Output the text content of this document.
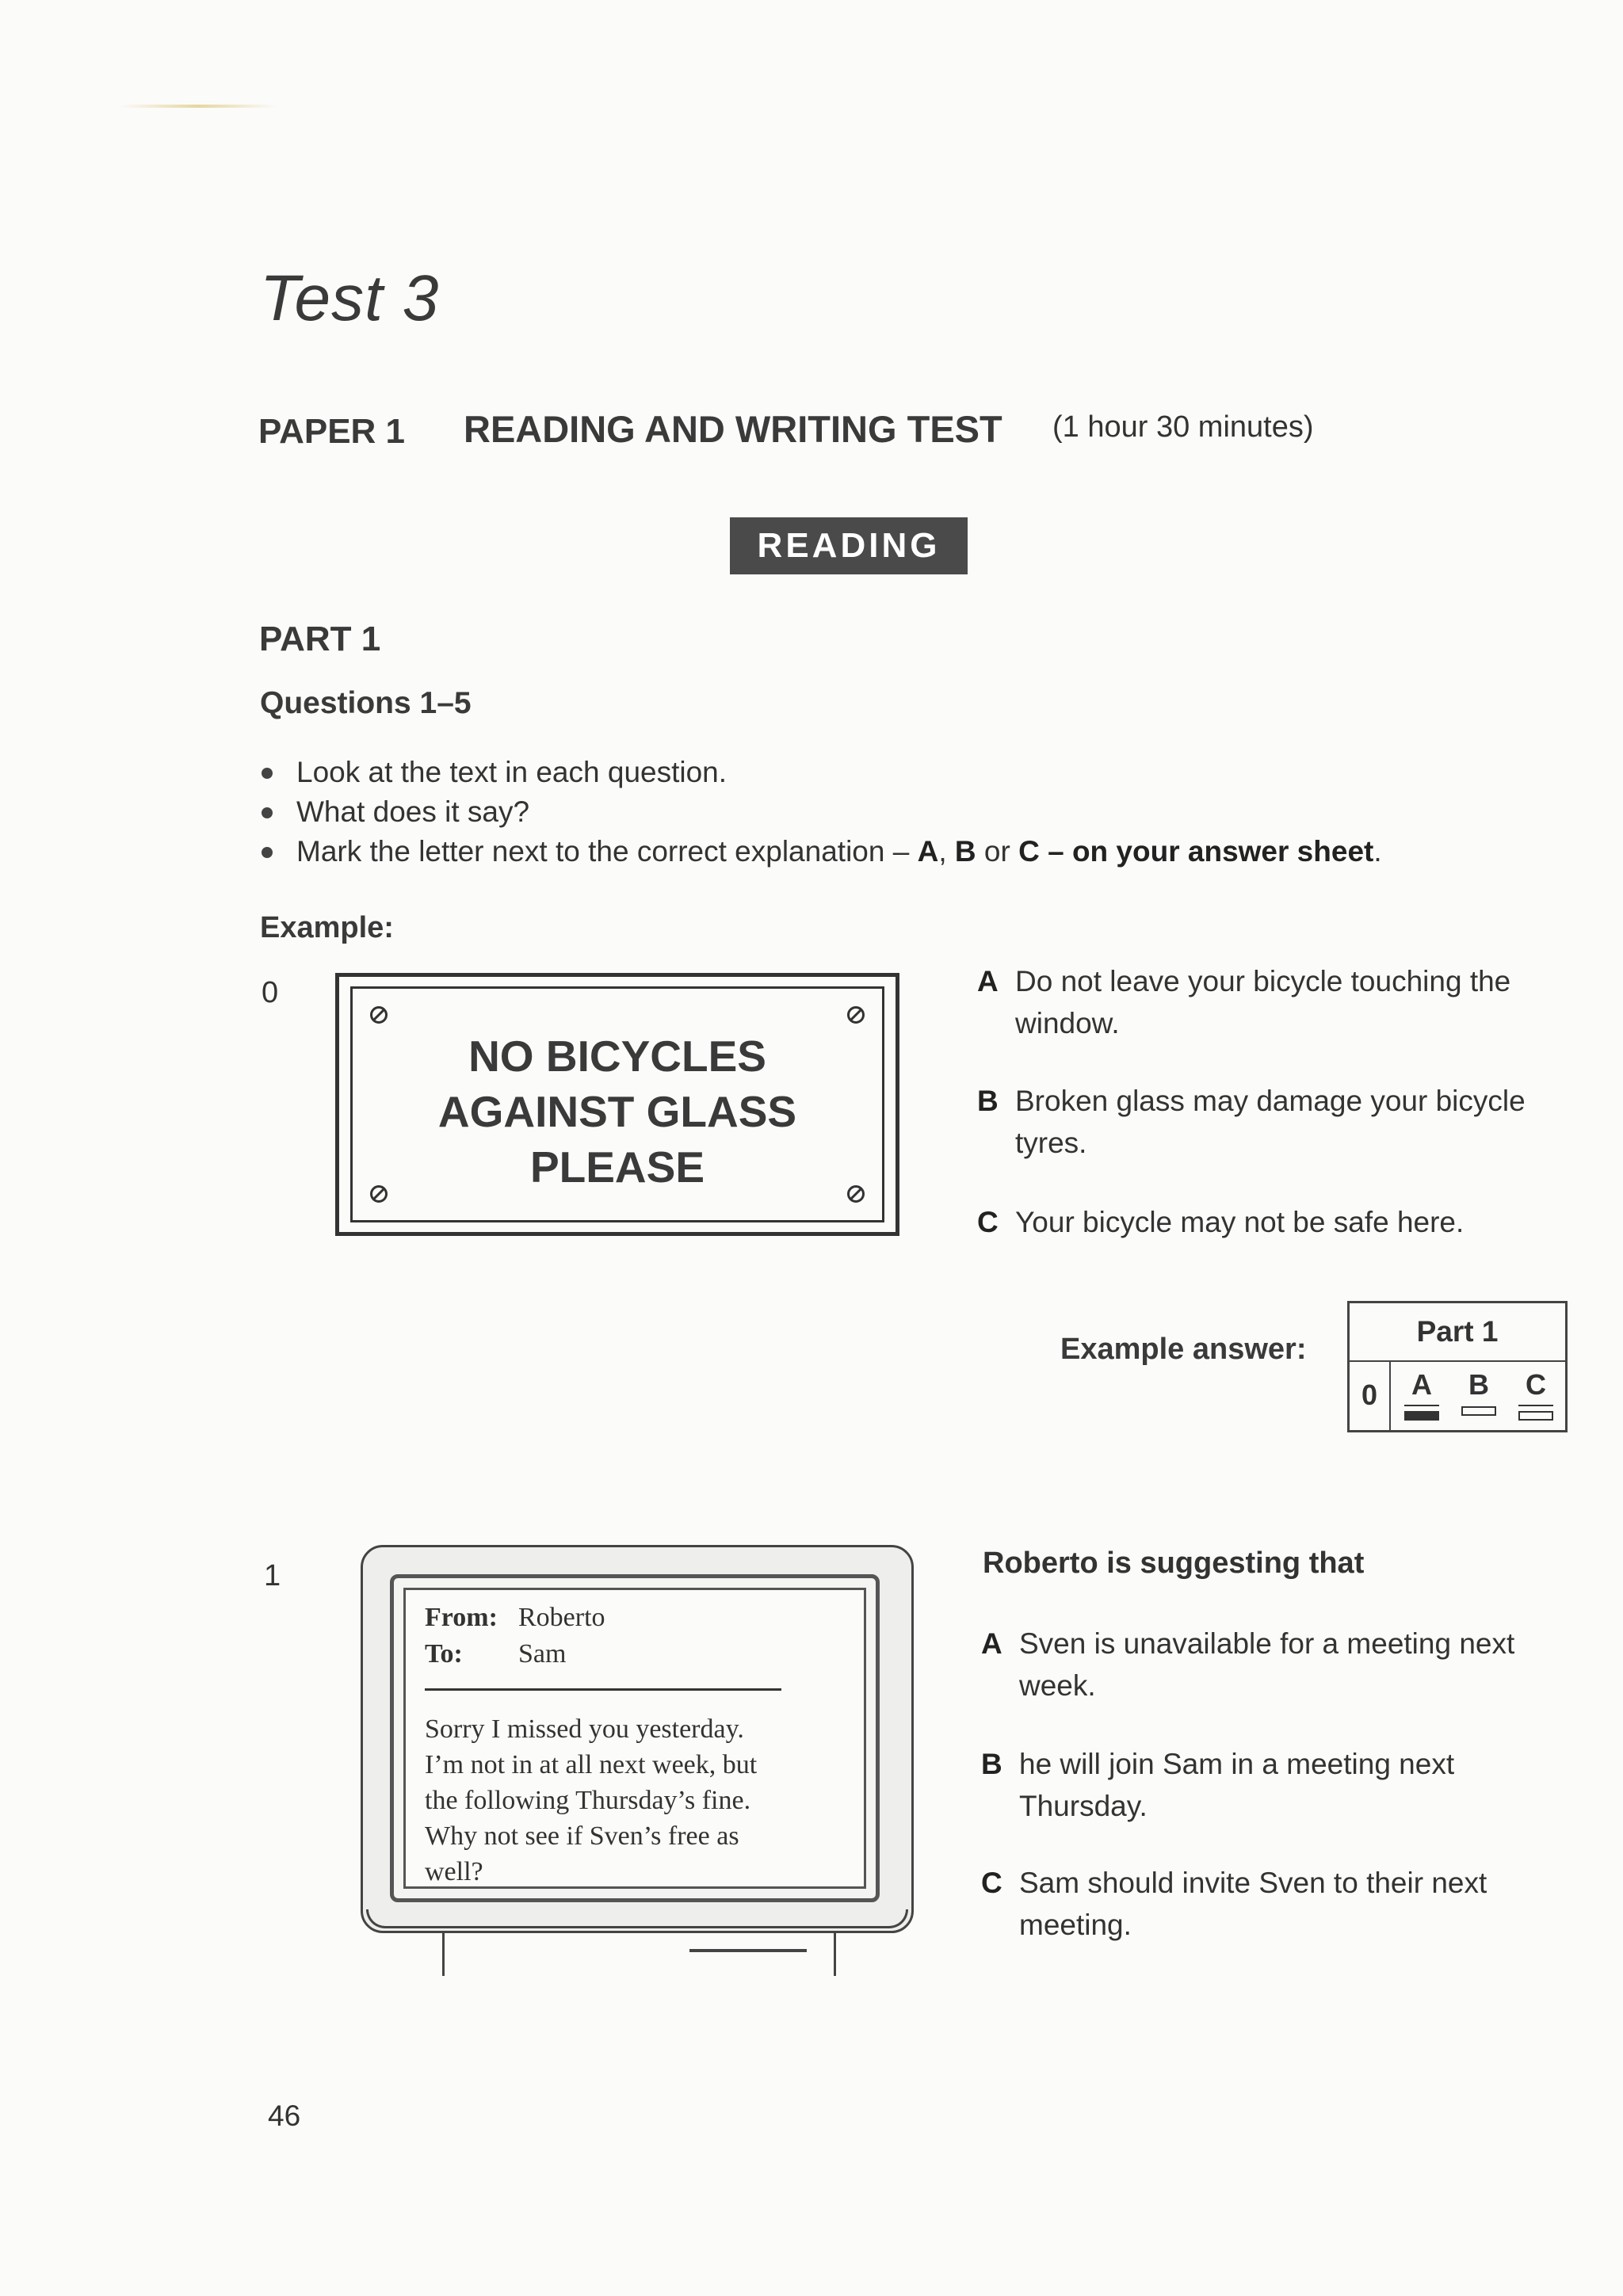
Test 3
PAPER 1 READING AND WRITING TEST (1 hour 30 minutes)
READING
PART 1
Questions 1–5
Look at the text in each question.
What does it say?
Mark the letter next to the correct explanation – A, B or C – on your answer sheet.
Example:
0
NO BICYCLES
AGAINST GLASS
PLEASE
A Do not leave your bicycle touching the window.
B Broken glass may damage your bicycle tyres.
C Your bicycle may not be safe here.
Example answer:
Part 1
0	A	B	C
1
From: Roberto
To: Sam
Sorry I missed you yesterday.
I’m not in at all next week, but
the following Thursday’s fine.
Why not see if Sven’s free as
well?
Roberto is suggesting that
A Sven is unavailable for a meeting next week.
B he will join Sam in a meeting next Thursday.
C Sam should invite Sven to their next meeting.
46
